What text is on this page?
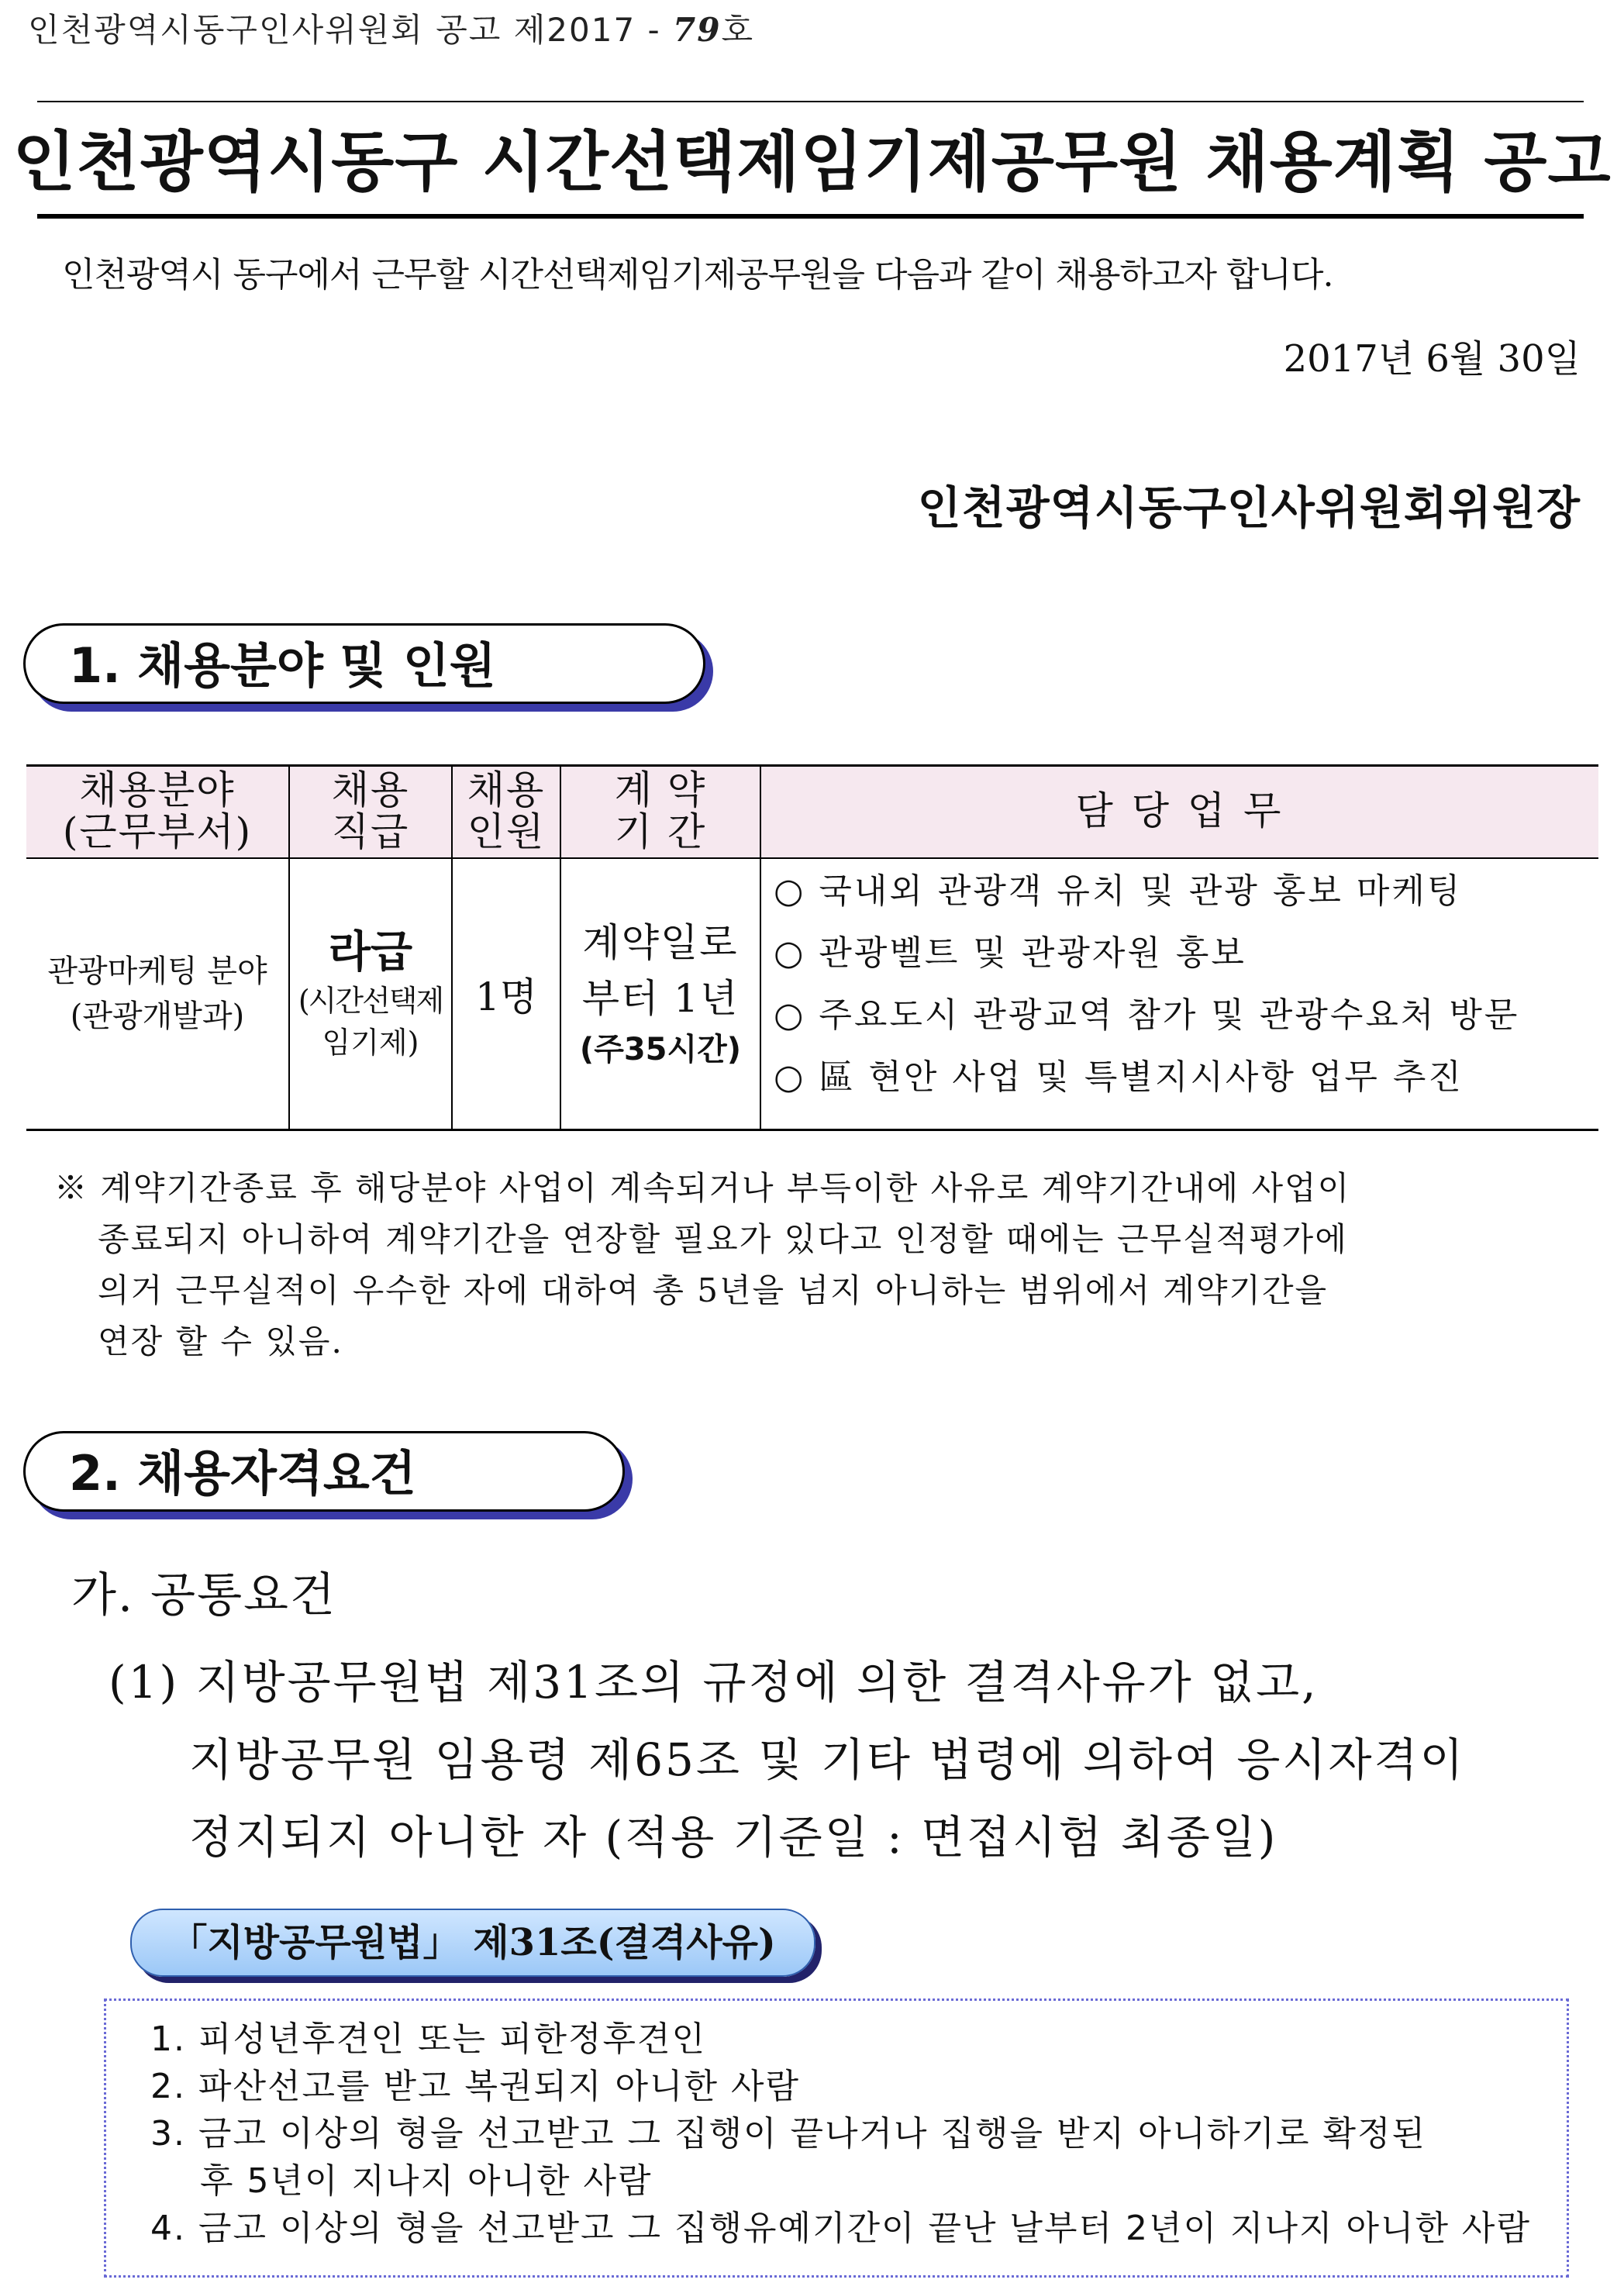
인천광역시동구인사위원회 공고 제2017 - 79호
인천광역시동구 시간선택제임기제공무원 채용계획 공고
인천광역시 동구에서 근무할 시간선택제임기제공무원을 다음과 같이 채용하고자 합니다.
2017년 6월 30일
인천광역시동구인사위원회위원장
1. 채용분야 및 인원
채용분야
(근무부서)
채용
직급
채용
인원
계 약
기 간	담 당 업 무
관광마케팅 분야
(관광개발과)
라급
(시간선택제
임기제)
1명
계약일로
부터 1년
(주35시간)
○ 국내외 관광객 유치 및 관광 홍보 마케팅
○ 관광벨트 및 관광자원 홍보
○ 주요도시 관광교역 참가 및 관광수요처 방문
○ 區 현안 사업 및 특별지시사항 업무 추진
※ 계약기간종료 후 해당분야 사업이 계속되거나 부득이한 사유로 계약기간내에 사업이
종료되지 아니하여 계약기간을 연장할 필요가 있다고 인정할 때에는 근무실적평가에
의거 근무실적이 우수한 자에 대하여 총 5년을 넘지 아니하는 범위에서 계약기간을
연장 할 수 있음.
2. 채용자격요건
가. 공통요건
(1) 지방공무원법 제31조의 규정에 의한 결격사유가 없고,
지방공무원 임용령 제65조 및 기타 법령에 의하여 응시자격이
정지되지 아니한 자 (적용 기준일 : 면접시험 최종일)
「지방공무원법」 제31조(결격사유)
1. 피성년후견인 또는 피한정후견인
2. 파산선고를 받고 복권되지 아니한 사람
3. 금고 이상의 형을 선고받고 그 집행이 끝나거나 집행을 받지 아니하기로 확정된
후 5년이 지나지 아니한 사람
4. 금고 이상의 형을 선고받고 그 집행유예기간이 끝난 날부터 2년이 지나지 아니한 사람
